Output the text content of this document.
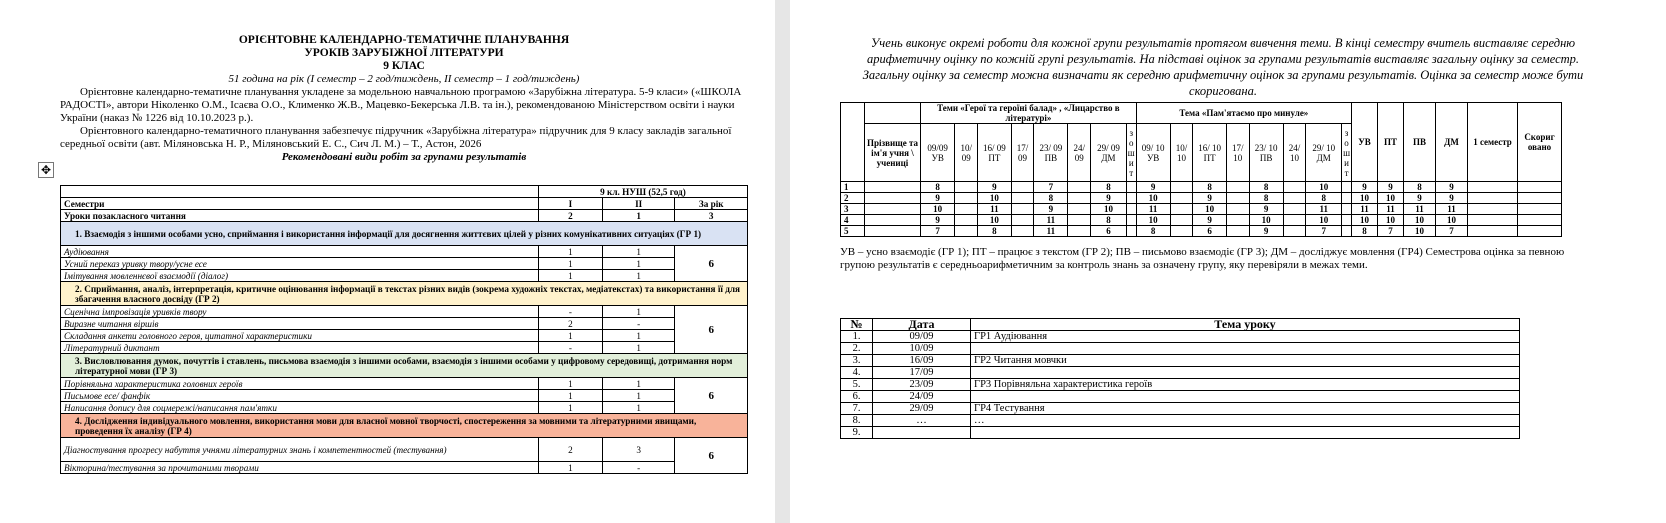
ОРІЄНТОВНЕ КАЛЕНДАРНО-ТЕМАТИЧНЕ ПЛАНУВАННЯ
УРОКІВ ЗАРУБІЖНОЇ ЛІТЕРАТУРИ
9 КЛАС
51 година на рік (І семестр – 2 год/тиждень, ІІ семестр – 1 год/тиждень)

Орієнтовне календарно-тематичне планування укладене за модельною навчальною програмою «Зарубіжна література. 5-9 класи» («ШКОЛА РАДОСТІ», автори Ніколенко О.М., Ісаєва О.О., Клименко Ж.В., Мацевко-Бекерська Л.В. та ін.), рекомендованою Міністерством освіти і науки України (наказ № 1226 від 10.10.2023 р.).

Орієнтовного календарно-тематичного планування забезпечує підручник «Зарубіжна література» підручник для 9 класу закладів загальної середньої освіти (авт. Міляновська Н. Р., Міляновський Е. С., Сич Л. М.) – Т., Астон, 2026

Рекомендовані види робіт за групами результатів
✥
	9 кл. НУШ (52,5 год)		
Семестри	І	ІІ	За рік
Уроки позакласного читання	2	1	3
1. Взаємодія з іншими особами усно, сприймання і використання інформації для досягнення життєвих цілей у різних комунікативних ситуаціях (ГР 1)			
Аудіювання	1	1	6
Усний переказ уривку твору/усне есе	1	1	
Імітування мовленнєвої взаємодії (діалог)	1	1	
2. Сприймання, аналіз, інтерпретація, критичне оцінювання інформації в текстах різних видів (зокрема художніх текстах, медіатекстах) та використання її для збагачення власного досвіду (ГР 2)			
Сценічна імпровізація уривків твору	-	1	6
Виразне читання віршів	2	-	
Складання анкети головного героя, цитатної характеристики	1	1	
Літературний диктант	-	1	
3. Висловлювання думок, почуттів і ставлень, письмова взаємодія з іншими особами, взаємодія з іншими особами у цифровому середовищі, дотримання норм літературної мови (ГР 3)			
Порівняльна характеристика головних героїв	1	1	6
Письмове есе/ фанфік	1	1	
Написання допису для соцмережі/написання пам'ятки	1	1	
4. Дослідження індивідуального мовлення, використання мови для власної мовної творчості, спостереження за мовними та літературними явищами, проведення їх аналізу (ГР 4)			
Діагностування прогресу набуття учнями літературних знань і компетентностей (тестування)	2	3	6
Вікторина/тестування за прочитаними творами	1	-	
Учень виконує окремі роботи для кожної групи результатів протягом вивчення теми. В кінці семестру вчитель виставляє середню арифметичну оцінку по кожній групі результатів. На підставі оцінок за групами результатів виставляє загальну оцінку за семестр. Загальну оцінку за семестр можна визначати як середню арифметичну оцінок за групами результатів. Оцінка за семестр може бути скоригована.
		Теми «Герої та героїні балад» , «Лицарство в літературі»								Тема «Пам'ятаємо про минуле»								УВ	ПТ	ПВ	ДМ	1 семестр	Скориг овано
	Прізвище та ім'я учня \ учениці	09/09 УВ	10/ 09	16/ 09 ПТ	17/ 09	23/ 09 ПВ	24/ 09	29/ 09 ДМ	зошит	09/ 10 УВ	10/ 10	16/ 10 ПТ	17/ 10	23/ 10 ПВ	24/ 10	29/ 10 ДМ	зошит						
1		8		9		7		8		9		8		8		10		9	9	8	9		
2		9		10		8		9		10		9		8		8		10	10	9	9		
3		10		11		9		10		11		10		9		11		11	11	11	11		
4		9		10		11		8		10		9		10		10		10	10	10	10		
5		7		8		11		6		8		6		9		7		8	7	10	7		
УВ – усно взаємодіє (ГР 1); ПТ – працює з текстом (ГР 2); ПВ – письмово взаємодіє (ГР 3); ДМ – досліджує мовлення (ГР4) Семестрова оцінка за певною групою результатів є середньоарифметичним за контроль знань за означену групу, яку перевіряли в межах теми.
№	Дата	Тема уроку
1.	09/09	ГР1 Аудіювання
2.	10/09	
3.	16/09	ГР2 Читання мовчки
4.	17/09	
5.	23/09	ГР3 Порівняльна характеристика героїв
6.	24/09	
7.	29/09	ГР4 Тестування
8.	…	…
9.		
